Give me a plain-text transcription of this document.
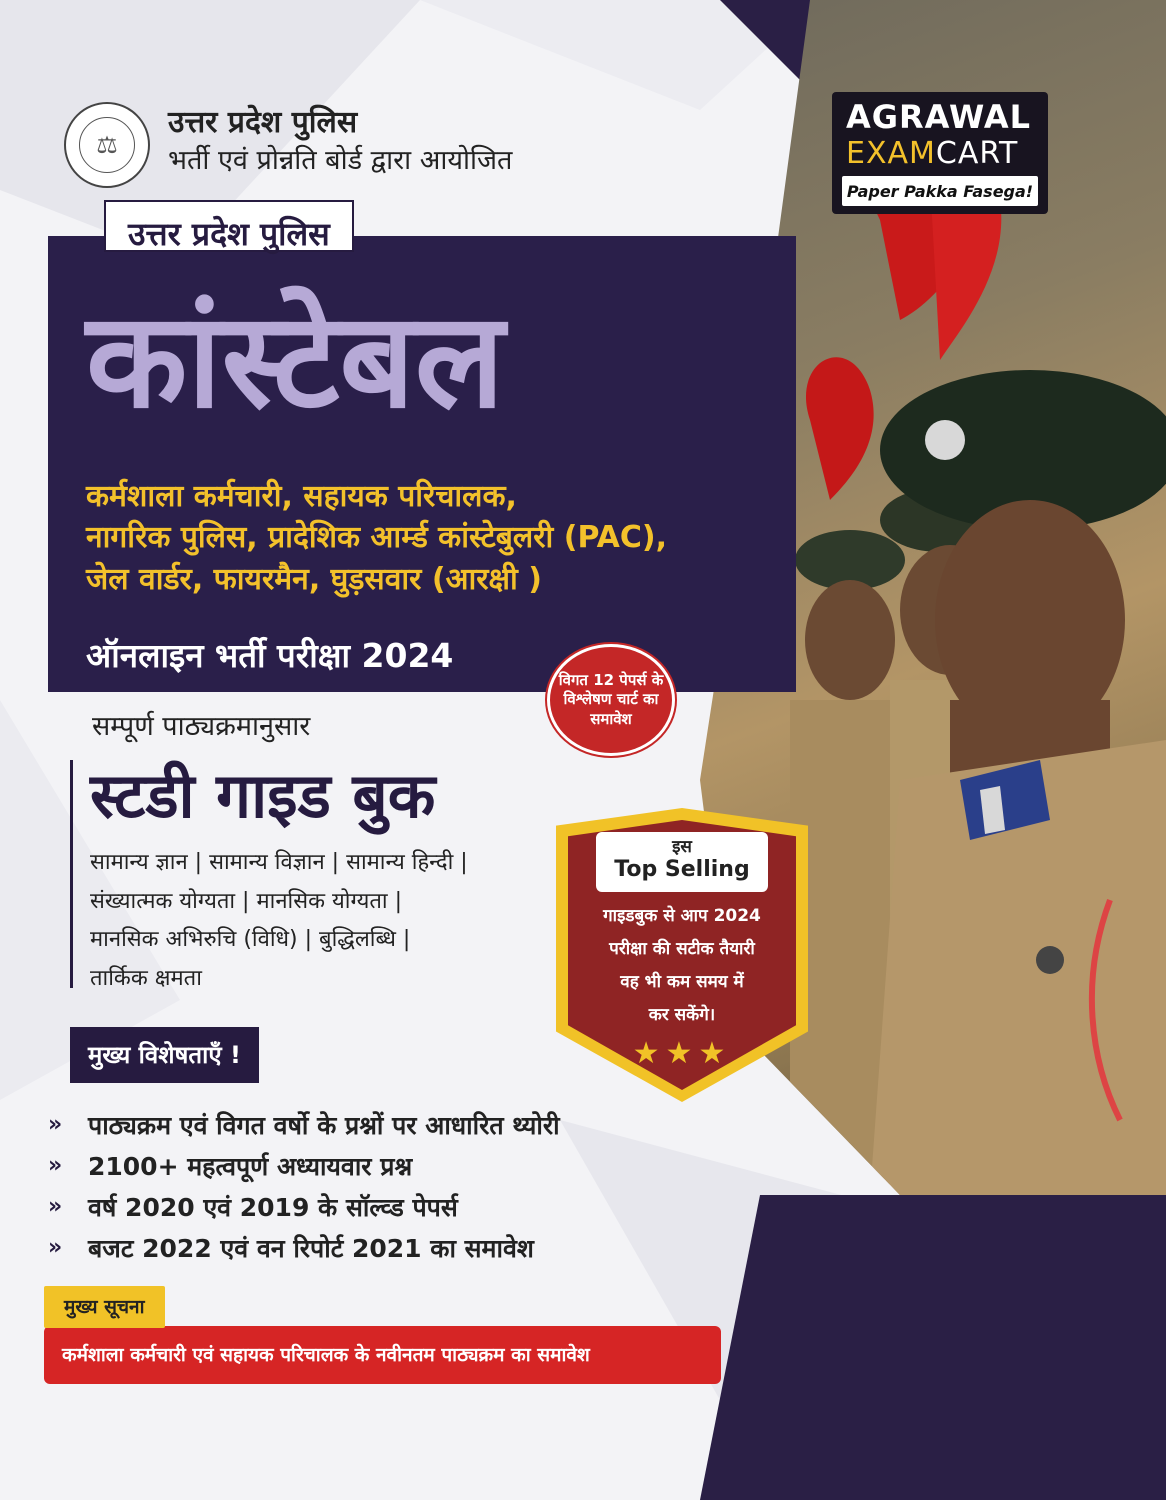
⚖
उत्तर प्रदेश पुलिस
भर्ती एवं प्रोन्नति बोर्ड द्वारा आयोजित
AGRAWAL
EXAMCART
Paper Pakka Fasega!
उत्तर प्रदेश पुलिस
कांस्टेबल
कर्मशाला कर्मचारी, सहायक परिचालक,
नागरिक पुलिस, प्रादेशिक आर्म्ड कांस्टेबुलरी (PAC),
जेल वार्डर, फायरमैन, घुड़सवार (आरक्षी )
ऑनलाइन भर्ती परीक्षा 2024
विगत 12 पेपर्स के विश्लेषण चार्ट का समावेश
सम्पूर्ण पाठ्यक्रमानुसार
स्टडी गाइड बुक
सामान्य ज्ञान | सामान्य विज्ञान | सामान्य हिन्दी |
संख्यात्मक योग्यता | मानसिक योग्यता |
मानसिक अभिरुचि (विधि) | बुद्धिलब्धि |
तार्किक क्षमता
इस
Top Selling
गाइडबुक से आप 2024
परीक्षा की सटीक तैयारी
वह भी कम समय में
कर सकेंगे।
★★★
मुख्य विशेषताएँ !
»	पाठ्यक्रम एवं विगत वर्षो के प्रश्नों पर आधारित थ्योरी
»	2100+ महत्वपूर्ण अध्यायवार प्रश्न
»	वर्ष 2020 एवं 2019 के सॉल्व्ड पेपर्स
»	बजट 2022 एवं वन रिपोर्ट 2021 का समावेश
मुख्य सूचना
कर्मशाला कर्मचारी एवं सहायक परिचालक के नवीनतम पाठ्यक्रम का समावेश
